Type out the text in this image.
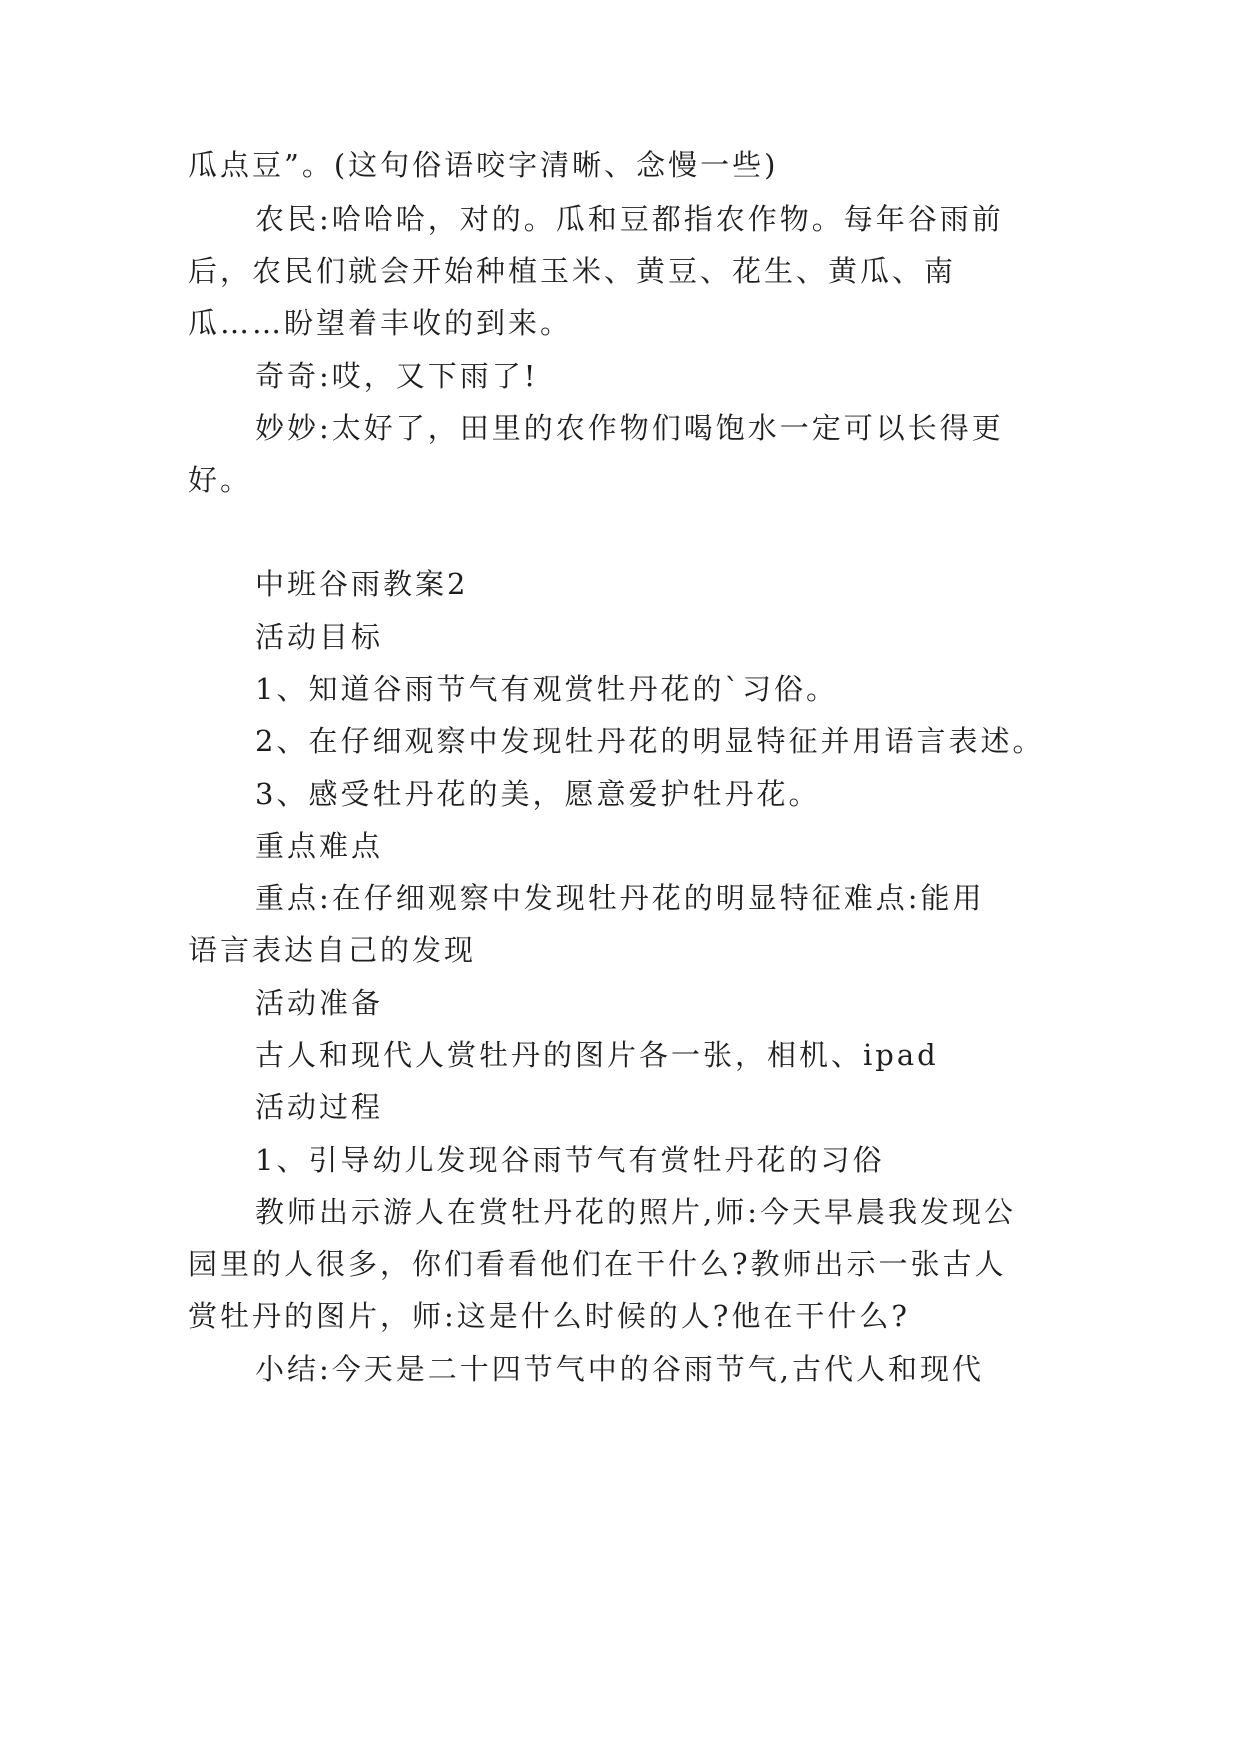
瓜点豆”。(这句俗语咬字清晰、念慢一些)
农民:哈哈哈，对的。瓜和豆都指农作物。每年谷雨前
后，农民们就会开始种植玉米、黄豆、花生、黄瓜、南
瓜……盼望着丰收的到来。
奇奇:哎，又下雨了!
妙妙:太好了，田里的农作物们喝饱水一定可以长得更
好。
中班谷雨教案2
活动目标
1、知道谷雨节气有观赏牡丹花的`习俗。
2、在仔细观察中发现牡丹花的明显特征并用语言表述。
3、感受牡丹花的美，愿意爱护牡丹花。
重点难点
重点:在仔细观察中发现牡丹花的明显特征难点:能用
语言表达自己的发现
活动准备
古人和现代人赏牡丹的图片各一张，相机、ipad
活动过程
1、引导幼儿发现谷雨节气有赏牡丹花的习俗
教师出示游人在赏牡丹花的照片,师:今天早晨我发现公
园里的人很多，你们看看他们在干什么?教师出示一张古人
赏牡丹的图片，师:这是什么时候的人?他在干什么?
小结:今天是二十四节气中的谷雨节气,古代人和现代
